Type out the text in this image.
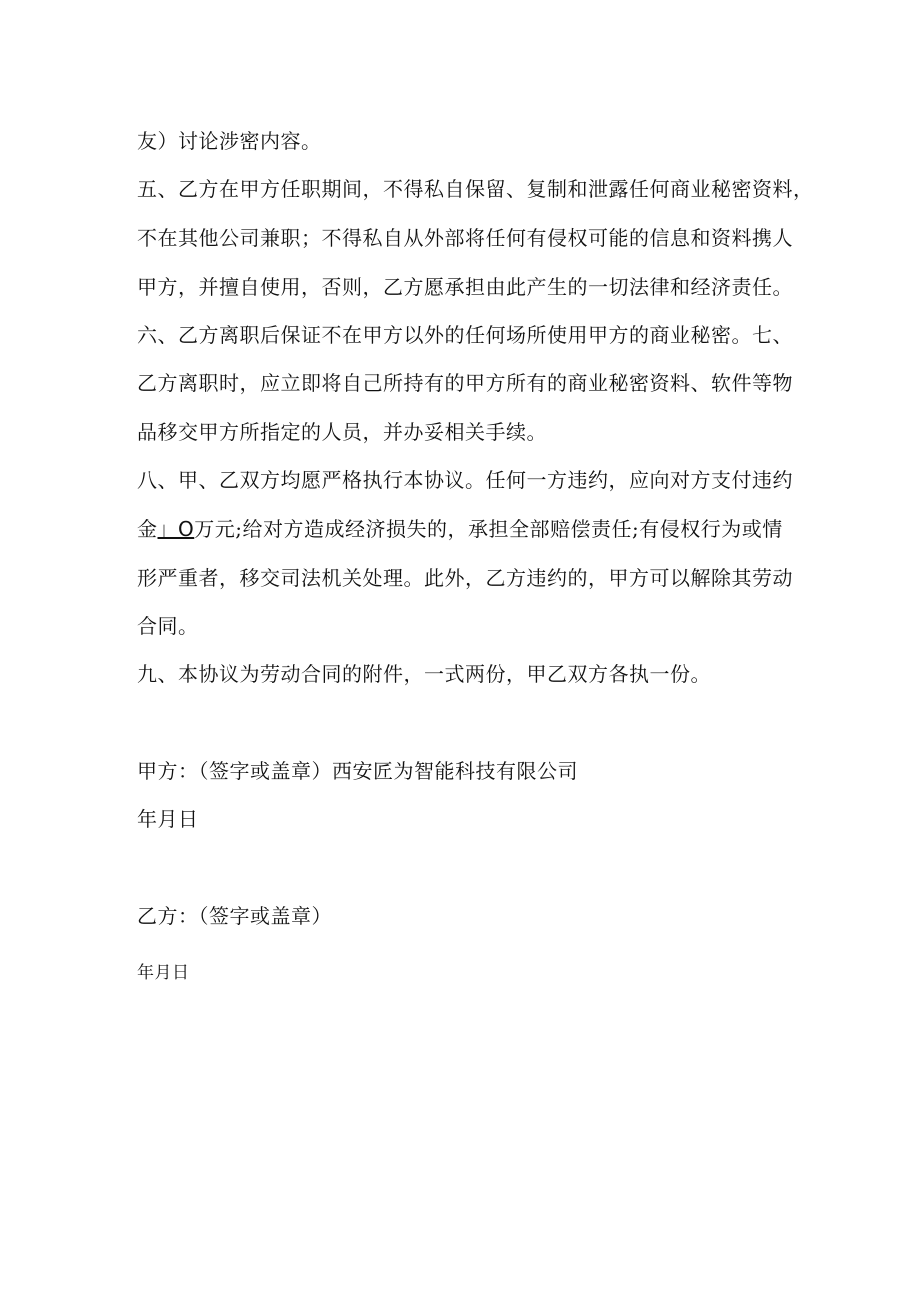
友）讨论涉密内容。
五、乙方在甲方任职期间，不得私自保留、复制和泄露任何商业秘密资料，
不在其他公司兼职；不得私自从外部将任何有侵权可能的信息和资料携人
甲方，并擅自使用，否则，乙方愿承担由此产生的一切法律和经济责任。
六、乙方离职后保证不在甲方以外的任何场所使用甲方的商业秘密。七、
乙方离职时，应立即将自己所持有的甲方所有的商业秘密资料、软件等物
品移交甲方所指定的人员，并办妥相关手续。
八、甲、乙双方均愿严格执行本协议。任何一方违约，应向对方支付违约
金」O万元;给对方造成经济损失的，承担全部赔偿责任;有侵权行为或情
形严重者，移交司法机关处理。此外，乙方违约的，甲方可以解除其劳动
合同。
九、本协议为劳动合同的附件，一式两份，甲乙双方各执一份。
甲方：（签字或盖章）西安匠为智能科技有限公司
年月日
乙方：（签字或盖章）
年月日
